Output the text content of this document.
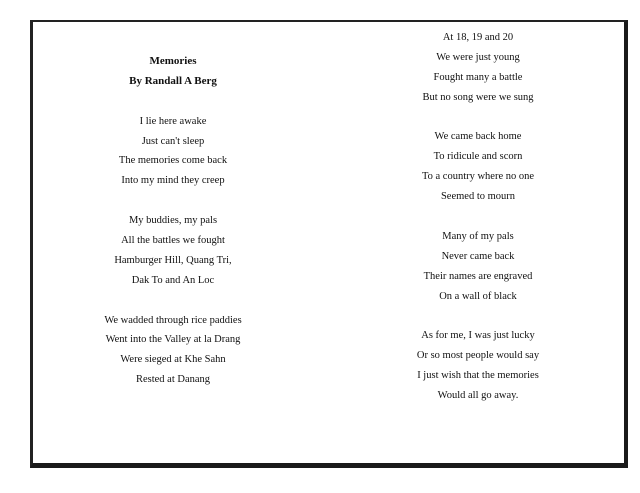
Memories
By Randall A Berg
I lie here awake
Just can't sleep
The memories come back
Into my mind they creep
My buddies, my pals
All the battles we fought
Hamburger Hill, Quang Tri,
Dak To and An Loc
We wadded through rice paddies
Went into the Valley at la Drang
Were sieged at Khe Sahn
Rested at Danang
At 18, 19 and 20
We were just young
Fought many a battle
But no song were we sung
We came back home
To ridicule and scorn
To a country where no one
Seemed to mourn
Many of my pals
Never came back
Their names are engraved
On a wall of black
As for me, I was just lucky
Or so most people would say
I just wish that the memories
Would all go away.
